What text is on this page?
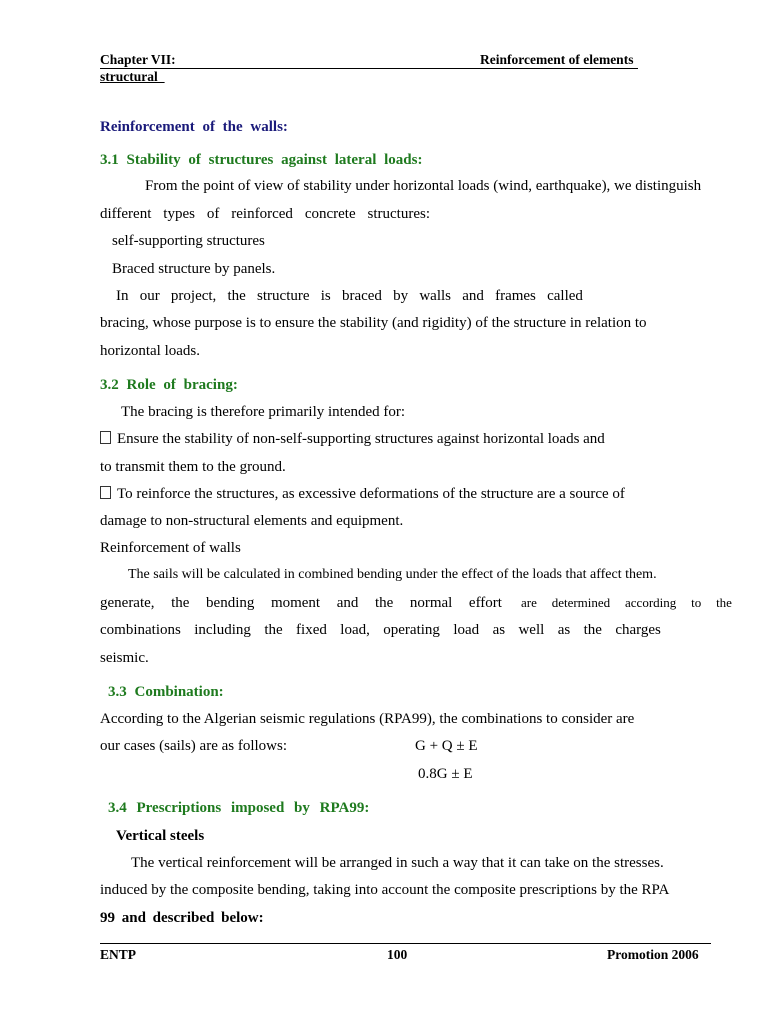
Chapter VII:	Reinforcement of elements
structural_
Reinforcement of the walls:
3.1 Stability of structures against lateral loads:
From the point of view of stability under horizontal loads (wind, earthquake), we distinguish
different types of reinforced concrete structures:
self-supporting structures
Braced structure by panels.
In our project, the structure is braced by walls and frames called
bracing, whose purpose is to ensure the stability (and rigidity) of the structure in relation to
horizontal loads.
3.2 Role of bracing:
The bracing is therefore primarily intended for:
Ensure the stability of non-self-supporting structures against horizontal loads and
to transmit them to the ground.
To reinforce the structures, as excessive deformations of the structure are a source of
damage to non-structural elements and equipment.
Reinforcement of walls
The sails will be calculated in combined bending under the effect of the loads that affect them.
generate, the bending moment and the normal effort are determined according to the
combinations including the fixed load, operating load as well as the charges
seismic.
3.3 Combination:
According to the Algerian seismic regulations (RPA99), the combinations to consider are
our cases (sails) are as follows:	G + Q ± E
0.8G ± E
3.4 Prescriptions imposed by RPA99:
Vertical steels
The vertical reinforcement will be arranged in such a way that it can take on the stresses.
induced by the composite bending, taking into account the composite prescriptions by the RPA
99 and described below:
ENTP	100	Promotion 2006
